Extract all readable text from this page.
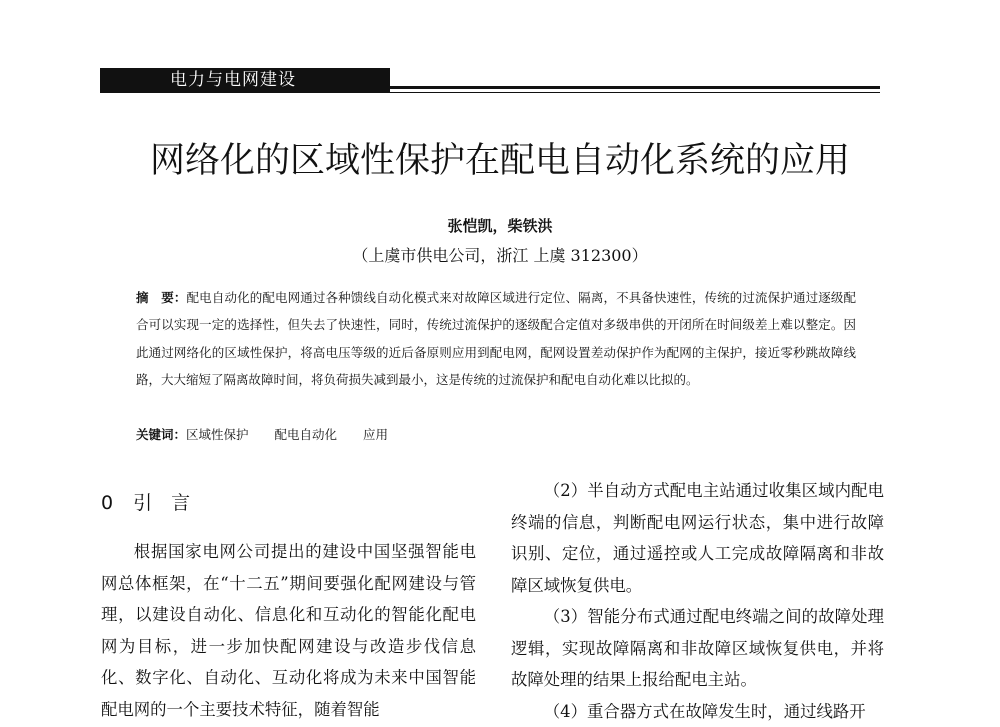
电力与电网建设
网络化的区域性保护在配电自动化系统的应用
张恺凯，柴铁洪
（上虞市供电公司，浙江 上虞 312300）
摘　要：配电自动化的配电网通过各种馈线自动化模式来对故障区域进行定位、隔离，不具备快速性，传统的过流保护通过逐级配合可以实现一定的选择性，但失去了快速性，同时，传统过流保护的逐级配合定值对多级串供的开闭所在时间级差上难以整定。因此通过网络化的区域性保护，将高电压等级的近后备原则应用到配电网，配网设置差动保护作为配网的主保护，接近零秒跳故障线路，大大缩短了隔离故障时间，将负荷损失减到最小，这是传统的过流保护和配电自动化难以比拟的。
关键词：区域性保护 配电自动化 应用
0 引　言

根据国家电网公司提出的建设中国坚强智能电网总体框架，在“十二五”期间要强化配网建设与管理，以建设自动化、信息化和互动化的智能化配电网为目标，进一步加快配网建设与改造步伐信息化、数字化、自动化、互动化将成为未来中国智能配电网的一个主要技术特征，随着智能

（2）半自动方式配电主站通过收集区域内配电终端的信息，判断配电网运行状态，集中进行故障识别、定位，通过遥控或人工完成故障隔离和非故障区域恢复供电。

（3）智能分布式通过配电终端之间的故障处理逻辑，实现故障隔离和非故障区域恢复供电，并将故障处理的结果上报给配电主站。

（4）重合器方式在故障发生时，通过线路开
